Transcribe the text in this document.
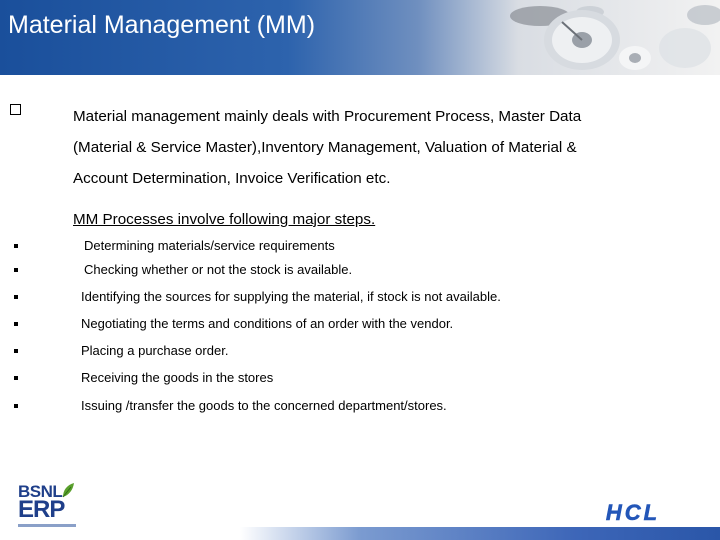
Material Management (MM)
Material management mainly deals with Procurement Process, Master Data
(Material & Service Master),Inventory Management, Valuation of Material &
Account Determination, Invoice Verification etc.
MM Processes involve following major steps.
Determining materials/service requirements
Checking whether or not the stock is available.
Identifying the sources for supplying the material, if stock is not available.
Negotiating the terms and conditions of an order with the vendor.
Placing a purchase order.
Receiving the goods in the stores
Issuing /transfer the goods to the concerned department/stores.
BSNL
ERP	HCL
